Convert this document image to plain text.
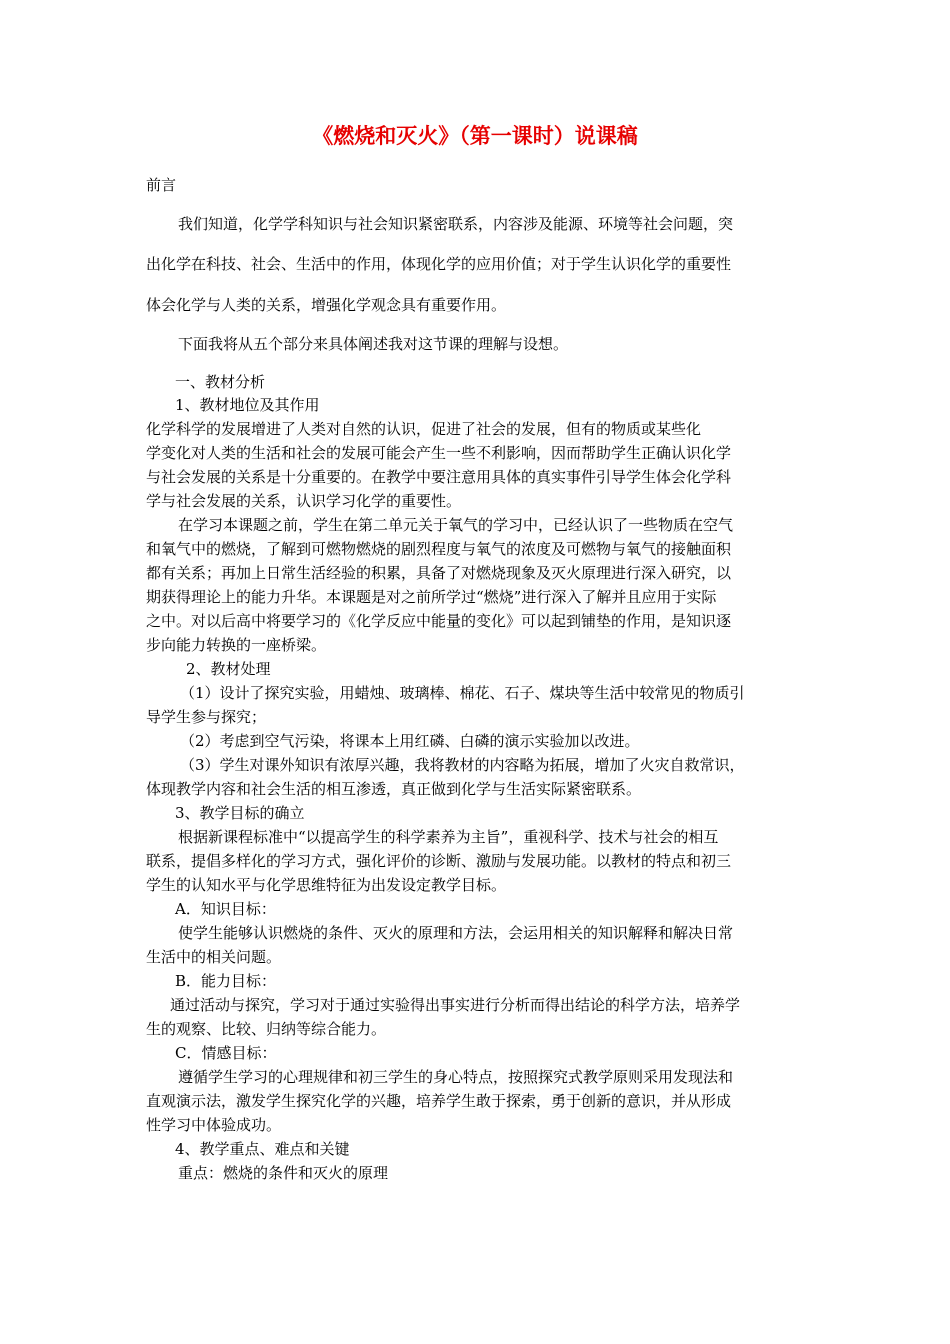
《燃烧和灭火》（第一课时）说课稿
前言
我们知道，化学学科知识与社会知识紧密联系，内容涉及能源、环境等社会问题，突
出化学在科技、社会、生活中的作用，体现化学的应用价值；对于学生认识化学的重要性
体会化学与人类的关系，增强化学观念具有重要作用。
下面我将从五个部分来具体阐述我对这节课的理解与设想。
一、教材分析
1、教材地位及其作用
化学科学的发展增进了人类对自然的认识，促进了社会的发展，但有的物质或某些化
学变化对人类的生活和社会的发展可能会产生一些不利影响，因而帮助学生正确认识化学
与社会发展的关系是十分重要的。在教学中要注意用具体的真实事件引导学生体会化学科
学与社会发展的关系，认识学习化学的重要性。
在学习本课题之前，学生在第二单元关于氧气的学习中，已经认识了一些物质在空气
和氧气中的燃烧，了解到可燃物燃烧的剧烈程度与氧气的浓度及可燃物与氧气的接触面积
都有关系；再加上日常生活经验的积累，具备了对燃烧现象及灭火原理进行深入研究，以
期获得理论上的能力升华。本课题是对之前所学过“燃烧”进行深入了解并且应用于实际
之中。对以后高中将要学习的《化学反应中能量的变化》可以起到铺垫的作用，是知识逐
步向能力转换的一座桥梁。
2、教材处理
（1）设计了探究实验，用蜡烛、玻璃棒、棉花、石子、煤块等生活中较常见的物质引
导学生参与探究；
（2）考虑到空气污染，将课本上用红磷、白磷的演示实验加以改进。
（3）学生对课外知识有浓厚兴趣，我将教材的内容略为拓展，增加了火灾自救常识，
体现教学内容和社会生活的相互渗透，真正做到化学与生活实际紧密联系。
3、教学目标的确立
根据新课程标准中“以提高学生的科学素养为主旨”，重视科学、技术与社会的相互
联系，提倡多样化的学习方式，强化评价的诊断、激励与发展功能。以教材的特点和初三
学生的认知水平与化学思维特征为出发设定教学目标。
A．知识目标：
使学生能够认识燃烧的条件、灭火的原理和方法，会运用相关的知识解释和解决日常
生活中的相关问题。
B．能力目标：
通过活动与探究，学习对于通过实验得出事实进行分析而得出结论的科学方法，培养学
生的观察、比较、归纳等综合能力。
C．情感目标：
遵循学生学习的心理规律和初三学生的身心特点，按照探究式教学原则采用发现法和
直观演示法，激发学生探究化学的兴趣，培养学生敢于探索，勇于创新的意识，并从形成
性学习中体验成功。
4、教学重点、难点和关键
重点：燃烧的条件和灭火的原理
